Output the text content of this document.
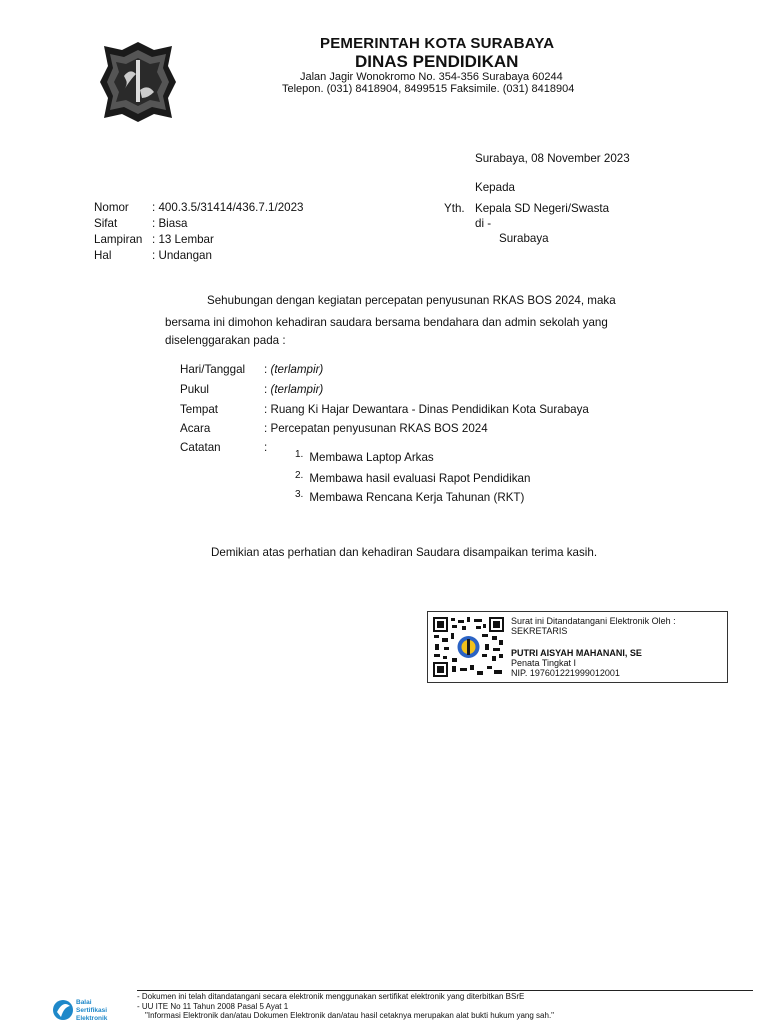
PEMERINTAH KOTA SURABAYA
DINAS PENDIDIKAN
Jalan Jagir Wonokromo No. 354-356 Surabaya 60244
Telepon. (031) 8418904, 8499515 Faksimile. (031) 8418904
Surabaya, 08 November 2023
Kepada
Yth. Kepala SD Negeri/Swasta
di -
Surabaya
Nomor : 400.3.5/31414/436.7.1/2023
Sifat	: Biasa
Lampiran : 13 Lembar
Hal	: Undangan
Sehubungan dengan kegiatan percepatan penyusunan RKAS BOS 2024, maka
bersama ini dimohon kehadiran saudara bersama bendahara dan admin sekolah yang
diselenggarakan pada :
Hari/Tanggal : (terlampir)
Pukul	: (terlampir)
Tempat	: Ruang Ki Hajar Dewantara - Dinas Pendidikan Kota Surabaya
Acara	: Percepatan penyusunan RKAS BOS 2024
Catatan	:
$^{1.}$ Membawa Laptop Arkas
$^{2.}$ Membawa hasil evaluasi Rapot Pendidikan
$^{3.}$ Membawa Rencana Kerja Tahunan (RKT)
Demikian atas perhatian dan kehadiran Saudara disampaikan terima kasih.
Surat ini Ditandatangani Elektronik Oleh :
SEKRETARIS
PUTRI AISYAH MAHANANI, SE
Penata Tingkat I
NIP. 197601221999012001
Balai
Sertifikasi
Elektronik
- Dokumen ini telah ditandatangani secara elektronik menggunakan sertifikat elektronik yang diterbitkan BSrE
- UU ITE No 11 Tahun 2008 Pasal 5 Ayat 1
"Informasi Elektronik dan/atau Dokumen Elektronik dan/atau hasil cetaknya merupakan alat bukti hukum yang sah."
